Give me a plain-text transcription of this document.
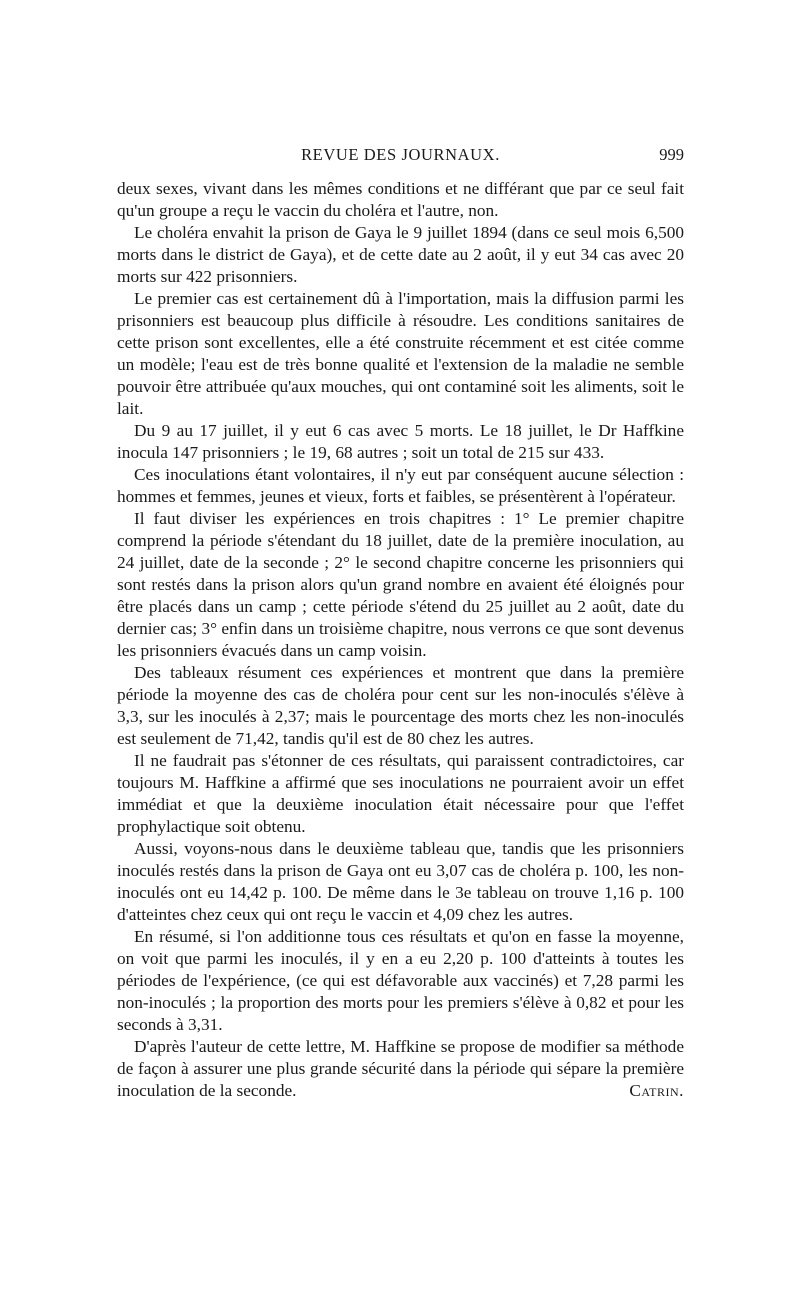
REVUE DES JOURNAUX.	999

deux sexes, vivant dans les mêmes conditions et ne différant que par ce seul fait qu'un groupe a reçu le vaccin du choléra et l'autre, non.

Le choléra envahit la prison de Gaya le 9 juillet 1894 (dans ce seul mois 6,500 morts dans le district de Gaya), et de cette date au 2 août, il y eut 34 cas avec 20 morts sur 422 prisonniers.

Le premier cas est certainement dû à l'importation, mais la diffusion parmi les prisonniers est beaucoup plus difficile à résoudre. Les conditions sanitaires de cette prison sont excellentes, elle a été construite récemment et est citée comme un modèle; l'eau est de très bonne qualité et l'extension de la maladie ne semble pouvoir être attribuée qu'aux mouches, qui ont contaminé soit les aliments, soit le lait.

Du 9 au 17 juillet, il y eut 6 cas avec 5 morts. Le 18 juillet, le Dr Haffkine inocula 147 prisonniers ; le 19, 68 autres ; soit un total de 215 sur 433.

Ces inoculations étant volontaires, il n'y eut par conséquent aucune sélection : hommes et femmes, jeunes et vieux, forts et faibles, se présentèrent à l'opérateur.

Il faut diviser les expériences en trois chapitres : 1° Le premier chapitre comprend la période s'étendant du 18 juillet, date de la première inoculation, au 24 juillet, date de la seconde ; 2° le second chapitre concerne les prisonniers qui sont restés dans la prison alors qu'un grand nombre en avaient été éloignés pour être placés dans un camp ; cette période s'étend du 25 juillet au 2 août, date du dernier cas; 3° enfin dans un troisième chapitre, nous verrons ce que sont devenus les prisonniers évacués dans un camp voisin.

Des tableaux résument ces expériences et montrent que dans la première période la moyenne des cas de choléra pour cent sur les non-inoculés s'élève à 3,3, sur les inoculés à 2,37; mais le pourcentage des morts chez les non-inoculés est seulement de 71,42, tandis qu'il est de 80 chez les autres.

Il ne faudrait pas s'étonner de ces résultats, qui paraissent contradictoires, car toujours M. Haffkine a affirmé que ses inoculations ne pourraient avoir un effet immédiat et que la deuxième inoculation était nécessaire pour que l'effet prophylactique soit obtenu.

Aussi, voyons-nous dans le deuxième tableau que, tandis que les prisonniers inoculés restés dans la prison de Gaya ont eu 3,07 cas de choléra p. 100, les non-inoculés ont eu 14,42 p. 100. De même dans le 3e tableau on trouve 1,16 p. 100 d'atteintes chez ceux qui ont reçu le vaccin et 4,09 chez les autres.

En résumé, si l'on additionne tous ces résultats et qu'on en fasse la moyenne, on voit que parmi les inoculés, il y en a eu 2,20 p. 100 d'atteints à toutes les périodes de l'expérience, (ce qui est défavorable aux vaccinés) et 7,28 parmi les non-inoculés ; la proportion des morts pour les premiers s'élève à 0,82 et pour les seconds à 3,31.

D'après l'auteur de cette lettre, M. Haffkine se propose de modifier sa méthode de façon à assurer une plus grande sécurité dans la période qui sépare la première inoculation de la seconde.	Catrin.
